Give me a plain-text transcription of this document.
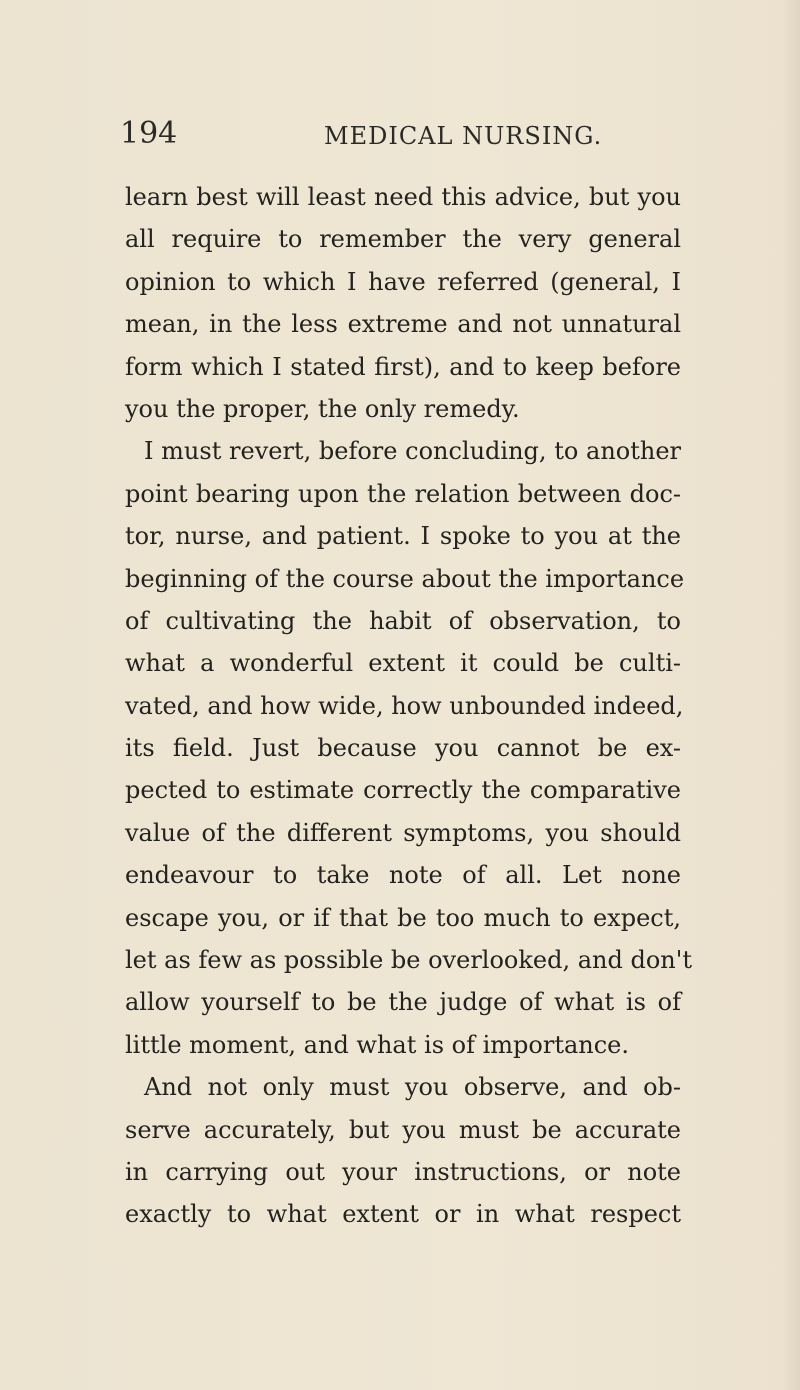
194	MEDICAL NURSING.
learn best will least need this advice, but you
all require to remember the very general
opinion to which I have referred (general, I
mean, in the less extreme and not unnatural
form which I stated first), and to keep before
you the proper, the only remedy.
I must revert, before concluding, to another
point bearing upon the relation between doc-
tor, nurse, and patient. I spoke to you at the
beginning of the course about the importance
of cultivating the habit of observation, to
what a wonderful extent it could be culti-
vated, and how wide, how unbounded indeed,
its field. Just because you cannot be ex-
pected to estimate correctly the comparative
value of the different symptoms, you should
endeavour to take note of all. Let none
escape you, or if that be too much to expect,
let as few as possible be overlooked, and don't
allow yourself to be the judge of what is of
little moment, and what is of importance.
And not only must you observe, and ob-
serve accurately, but you must be accurate
in carrying out your instructions, or note
exactly to what extent or in what respect
